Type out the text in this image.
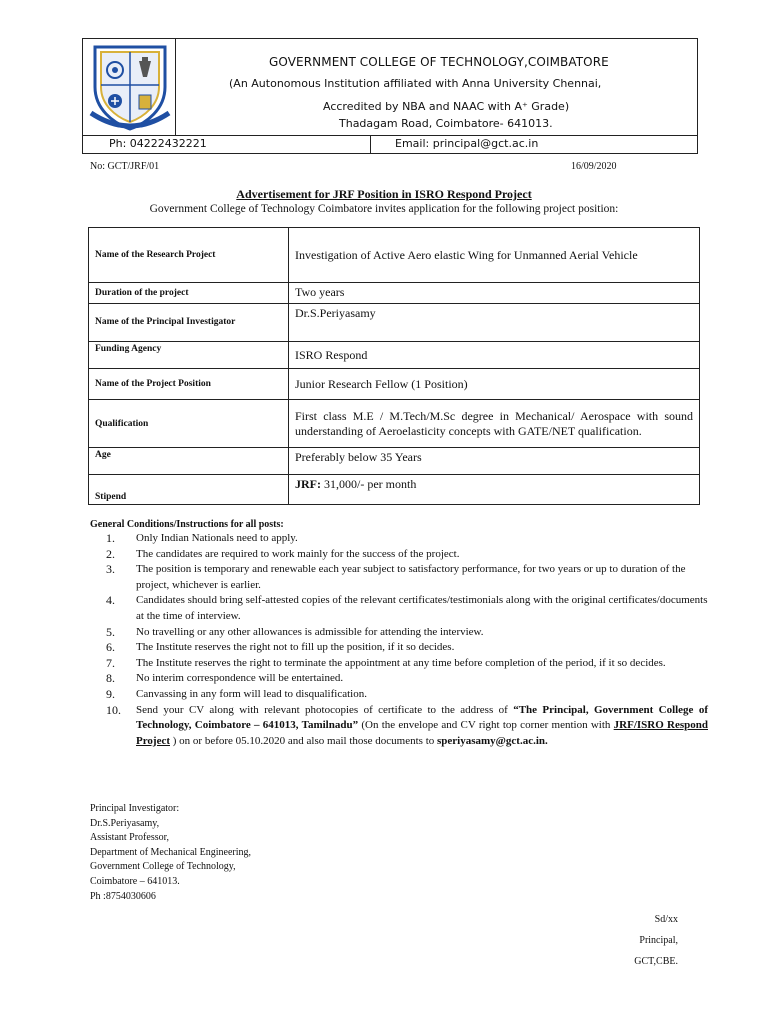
GOVERNMENT COLLEGE OF TECHNOLOGY,COIMBATORE
(An Autonomous Institution affiliated with Anna University Chennai,
Accredited by NBA and NAAC with A⁺ Grade)
Thadagam Road, Coimbatore- 641013.
Ph: 04222432221	Email: principal@gct.ac.in
No: GCT/JRF/01	16/09/2020
Advertisement for JRF Position in ISRO Respond Project
Government College of Technology Coimbatore invites application for the following project position:
Name of the Research Project	Investigation of Active Aero elastic Wing for Unmanned Aerial Vehicle
Duration of the project	Two years
Name of the Principal Investigator	Dr.S.Periyasamy
Funding Agency	ISRO Respond
Name of the Project Position	Junior Research Fellow (1 Position)
Qualification	First class M.E / M.Tech/M.Sc degree in Mechanical/ Aerospace with sound understanding of Aeroelasticity concepts with GATE/NET qualification.
Age	Preferably below 35 Years
Stipend	JRF: 31,000/- per month
General Conditions/Instructions for all posts:
1.	Only Indian Nationals need to apply.
2.	The candidates are required to work mainly for the success of the project.
3.	The position is temporary and renewable each year subject to satisfactory performance, for two years or up to duration of the project, whichever is earlier.
4.	Candidates should bring self-attested copies of the relevant certificates/testimonials along with the original certificates/documents at the time of interview.
5.	No travelling or any other allowances is admissible for attending the interview.
6.	The Institute reserves the right not to fill up the position, if it so decides.
7.	The Institute reserves the right to terminate the appointment at any time before completion of the period, if it so decides.
8.	No interim correspondence will be entertained.
9.	Canvassing in any form will lead to disqualification.
10.	Send your CV along with relevant photocopies of certificate to the address of “The Principal, Government College of Technology, Coimbatore – 641013, Tamilnadu” (On the envelope and CV right top corner mention with JRF/ISRO Respond Project ) on or before 05.10.2020 and also mail those documents to speriyasamy@gct.ac.in.
Principal Investigator:
Dr.S.Periyasamy,
Assistant Professor,
Department of Mechanical Engineering,
Government College of Technology,
Coimbatore – 641013.
Ph :8754030606
Sd/xx
Principal,
GCT,CBE.
